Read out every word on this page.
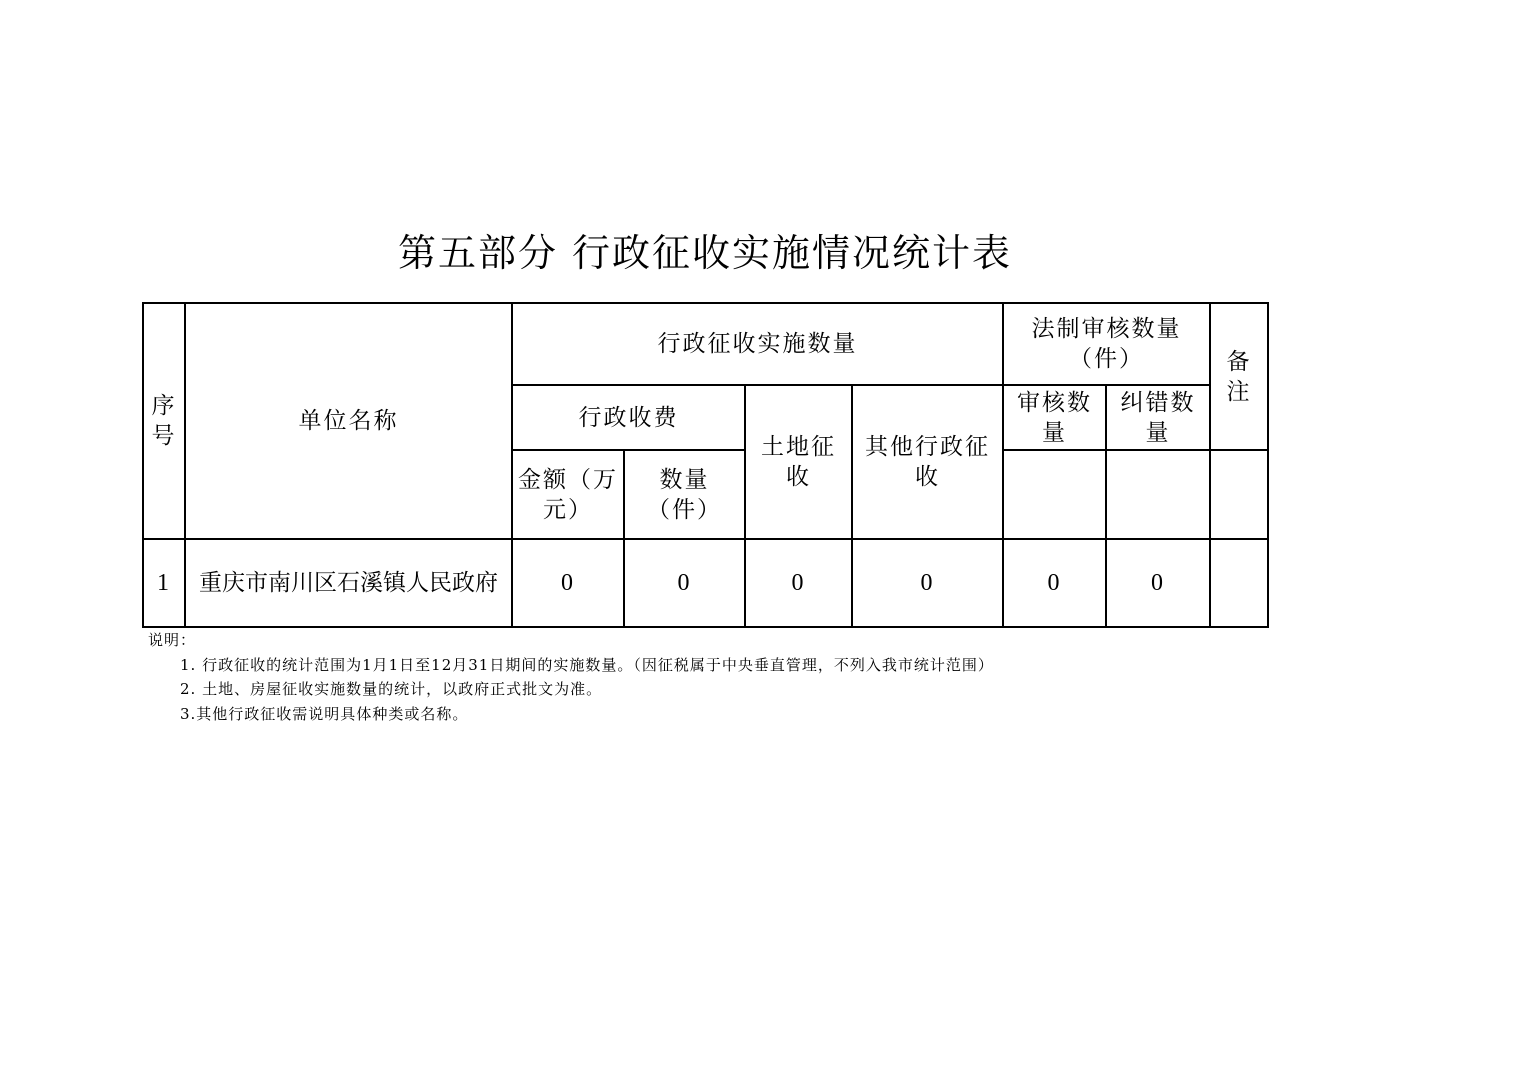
第五部分 行政征收实施情况统计表
序号	单位名称	行政征收实施数量				法制审核数量（件）		备注
		行政收费		土地征收	其他行政征收	审核数量	纠错数量	
		金额（万元）	数量（件）					
1	重庆市南川区石溪镇人民政府	0	0	0	0	0	0	
说明：
1. 行政征收的统计范围为1月1日至12月31日期间的实施数量。（因征税属于中央垂直管理，不列入我市统计范围）
2. 土地、房屋征收实施数量的统计，以政府正式批文为准。
3.其他行政征收需说明具体种类或名称。
